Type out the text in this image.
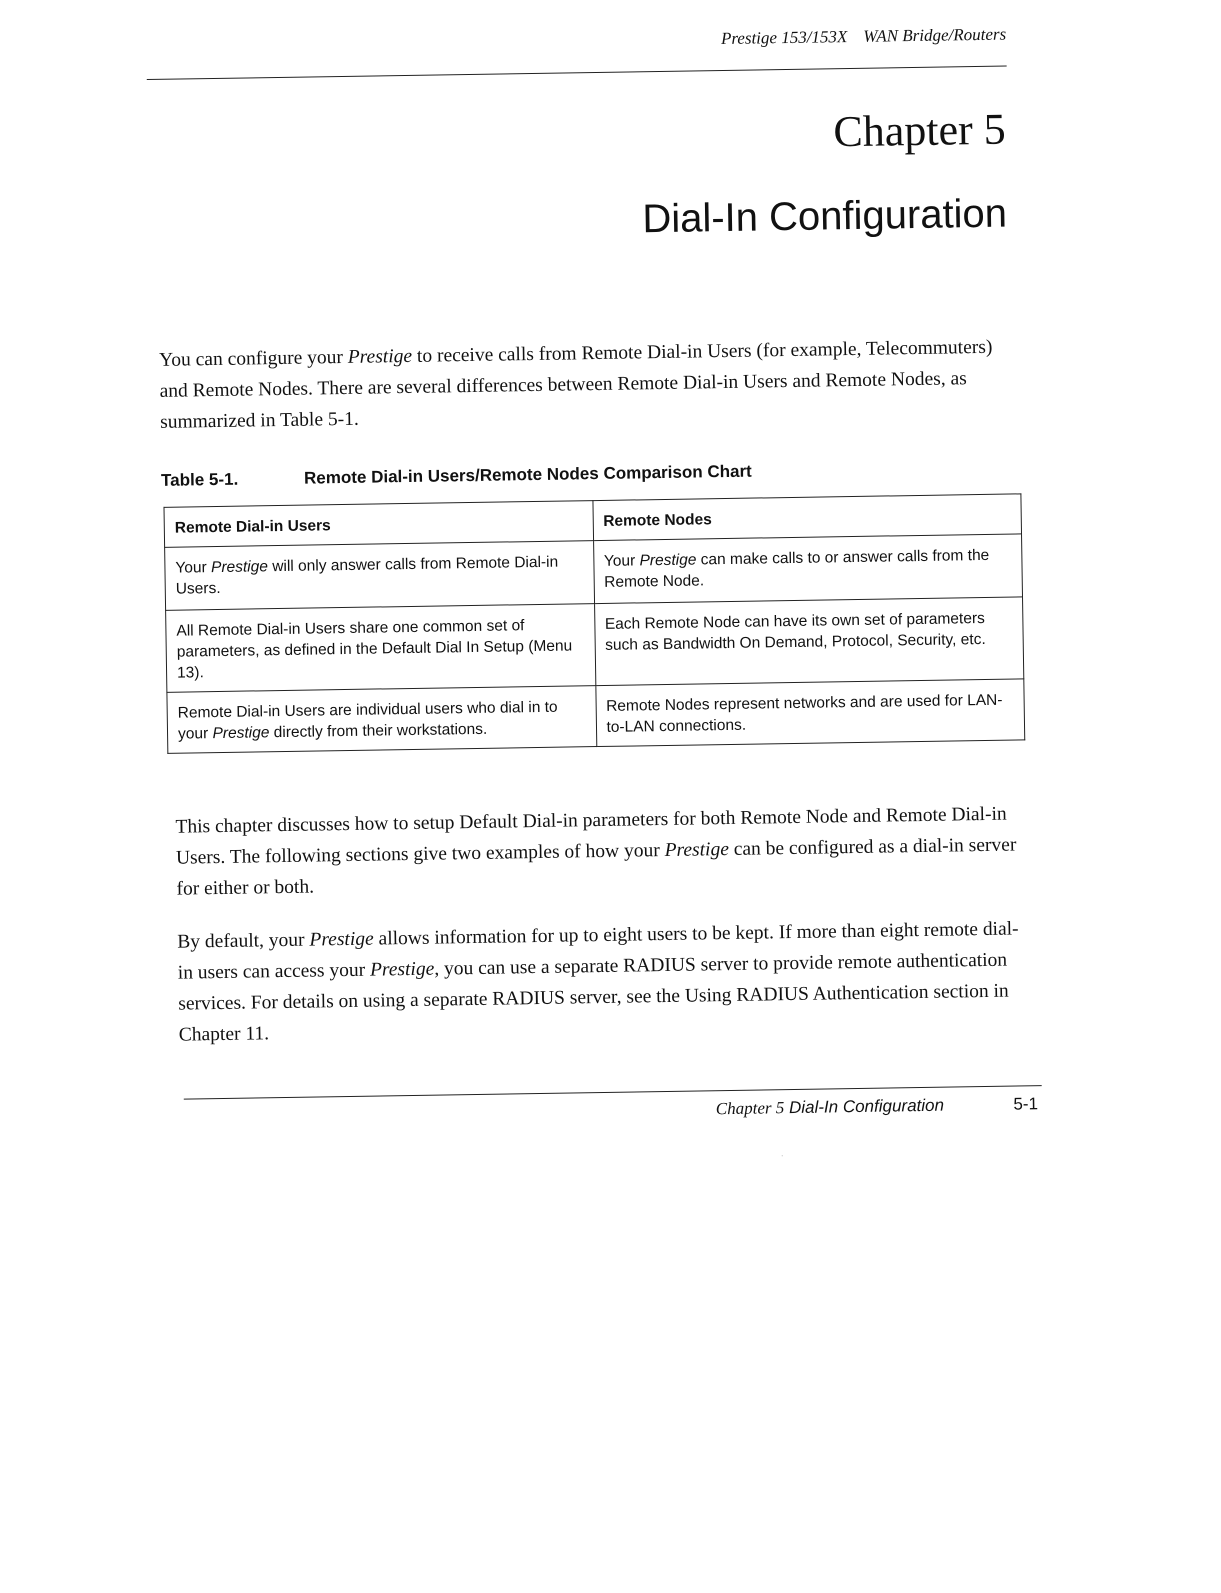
Prestige 153/153X WAN Bridge/Routers
Chapter 5
Dial-In Configuration

You can configure your Prestige to receive calls from Remote Dial-in Users (for example, Telecommuters) and Remote Nodes. There are several differences between Remote Dial-in Users and Remote Nodes, as summarized in Table 5-1.

Table 5-1.	Remote Dial-in Users/Remote Nodes Comparison Chart
Remote Dial-in Users	Remote Nodes
Your Prestige will only answer calls from Remote Dial-in Users.	Your Prestige can make calls to or answer calls from the Remote Node.
All Remote Dial-in Users share one common set of parameters, as defined in the Default Dial In Setup (Menu 13).	Each Remote Node can have its own set of parameters such as Bandwidth On Demand, Protocol, Security, etc.
Remote Dial-in Users are individual users who dial in to your Prestige directly from their workstations.	Remote Nodes represent networks and are used for LAN-to-LAN connections.

This chapter discusses how to setup Default Dial-in parameters for both Remote Node and Remote Dial-in Users. The following sections give two examples of how your Prestige can be configured as a dial-in server for either or both.

By default, your Prestige allows information for up to eight users to be kept. If more than eight remote dial-in users can access your Prestige, you can use a separate RADIUS server to provide remote authentication services. For details on using a separate RADIUS server, see the Using RADIUS Authentication section in Chapter 11.

Chapter 5 Dial-In Configuration	5-1
